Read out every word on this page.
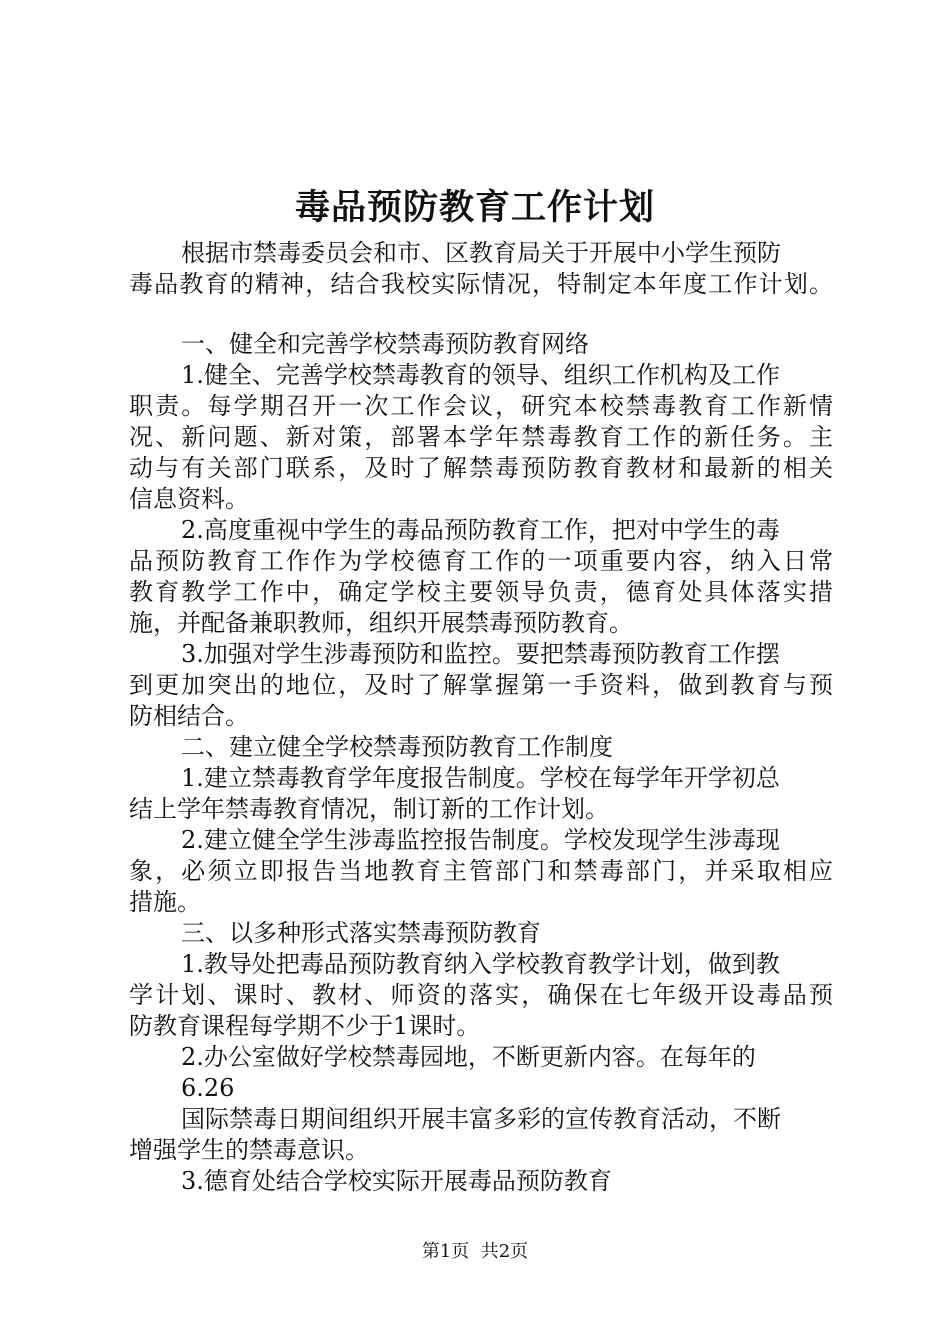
毒品预防教育工作计划
根据市禁毒委员会和市、区教育局关于开展中小学生预防
毒品教育的精神，结合我校实际情况，特制定本年度工作计划。
一、健全和完善学校禁毒预防教育网络
1.健全、完善学校禁毒教育的领导、组织工作机构及工作
职责。每学期召开一次工作会议，研究本校禁毒教育工作新情
况、新问题、新对策，部署本学年禁毒教育工作的新任务。主
动与有关部门联系，及时了解禁毒预防教育教材和最新的相关
信息资料。
2.高度重视中学生的毒品预防教育工作，把对中学生的毒
品预防教育工作作为学校德育工作的一项重要内容，纳入日常
教育教学工作中，确定学校主要领导负责，德育处具体落实措
施，并配备兼职教师，组织开展禁毒预防教育。
3.加强对学生涉毒预防和监控。要把禁毒预防教育工作摆
到更加突出的地位，及时了解掌握第一手资料，做到教育与预
防相结合。
二、建立健全学校禁毒预防教育工作制度
1.建立禁毒教育学年度报告制度。学校在每学年开学初总
结上学年禁毒教育情况，制订新的工作计划。
2.建立健全学生涉毒监控报告制度。学校发现学生涉毒现
象，必须立即报告当地教育主管部门和禁毒部门，并采取相应
措施。
三、以多种形式落实禁毒预防教育
1.教导处把毒品预防教育纳入学校教育教学计划，做到教
学计划、课时、教材、师资的落实，确保在七年级开设毒品预
防教育课程每学期不少于1课时。
2.办公室做好学校禁毒园地，不断更新内容。在每年的
6.26
国际禁毒日期间组织开展丰富多彩的宣传教育活动，不断
增强学生的禁毒意识。
3.德育处结合学校实际开展毒品预防教育
第1页  共2页
